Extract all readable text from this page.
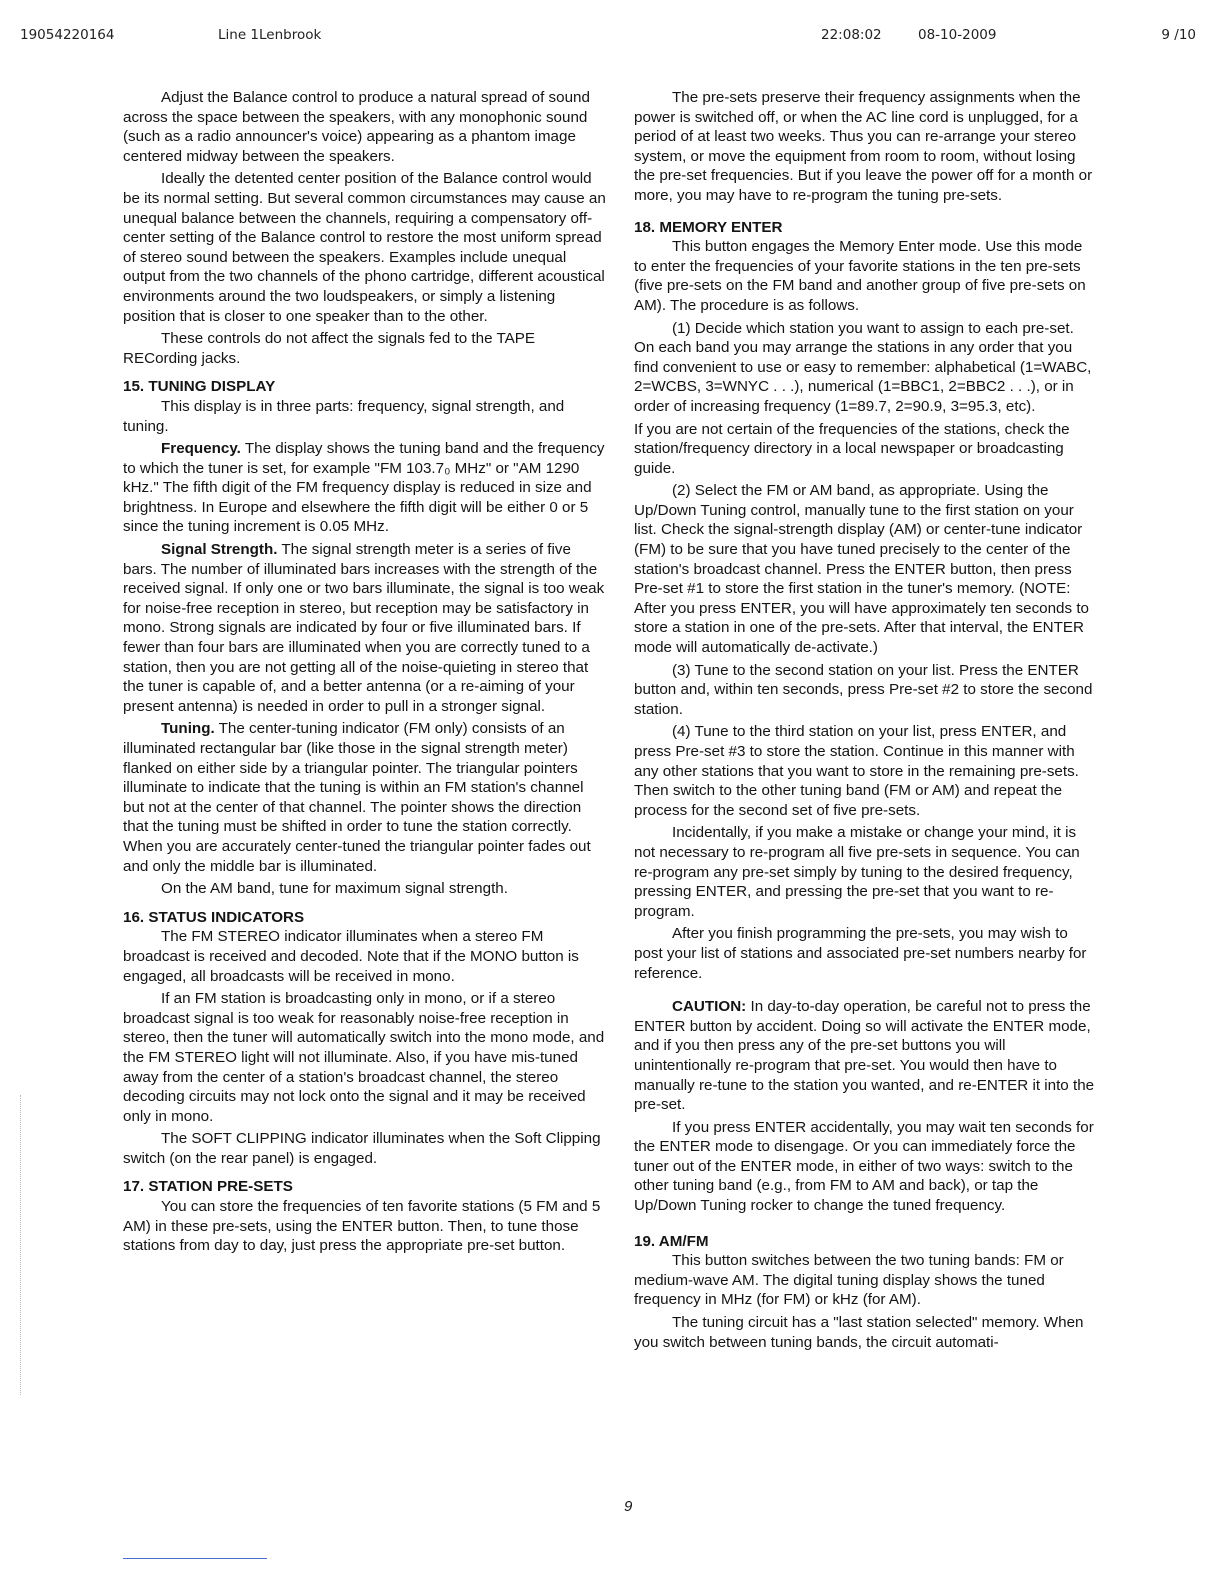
19054220164	Line 1Lenbrook	22:08:02	08-10-2009	9 /10

Adjust the Balance control to produce a natural spread of sound across the space between the speakers, with any monophonic sound (such as a radio announcer's voice) appearing as a phantom image centered midway between the speakers.

Ideally the detented center position of the Balance control would be its normal setting. But several common circumstances may cause an unequal balance between the channels, requiring a compensatory off-center setting of the Balance control to restore the most uniform spread of stereo sound between the speakers. Examples include unequal output from the two channels of the phono cartridge, different acoustical environments around the two loudspeakers, or simply a listening position that is closer to one speaker than to the other.

These controls do not affect the signals fed to the TAPE RECording jacks.

15. TUNING DISPLAY

This display is in three parts: frequency, signal strength, and tuning.

Frequency. The display shows the tuning band and the frequency to which the tuner is set, for example "FM 103.7₀ MHz" or "AM 1290 kHz." The fifth digit of the FM frequency display is reduced in size and brightness. In Europe and elsewhere the fifth digit will be either 0 or 5 since the tuning increment is 0.05 MHz.

Signal Strength. The signal strength meter is a series of five bars. The number of illuminated bars increases with the strength of the received signal. If only one or two bars illuminate, the signal is too weak for noise-free reception in stereo, but reception may be satisfactory in mono. Strong signals are indicated by four or five illuminated bars. If fewer than four bars are illuminated when you are correctly tuned to a station, then you are not getting all of the noise-quieting in stereo that the tuner is capable of, and a better antenna (or a re-aiming of your present antenna) is needed in order to pull in a stronger signal.

Tuning. The center-tuning indicator (FM only) consists of an illuminated rectangular bar (like those in the signal strength meter) flanked on either side by a triangular pointer. The triangular pointers illuminate to indicate that the tuning is within an FM station's channel but not at the center of that channel. The pointer shows the direction that the tuning must be shifted in order to tune the station correctly. When you are accurately center-tuned the triangular pointer fades out and only the middle bar is illuminated.

On the AM band, tune for maximum signal strength.

16. STATUS INDICATORS

The FM STEREO indicator illuminates when a stereo FM broadcast is received and decoded. Note that if the MONO button is engaged, all broadcasts will be received in mono.

If an FM station is broadcasting only in mono, or if a stereo broadcast signal is too weak for reasonably noise-free reception in stereo, then the tuner will automatically switch into the mono mode, and the FM STEREO light will not illuminate. Also, if you have mis-tuned away from the center of a station's broadcast channel, the stereo decoding circuits may not lock onto the signal and it may be received only in mono.

The SOFT CLIPPING indicator illuminates when the Soft Clipping switch (on the rear panel) is engaged.

17. STATION PRE-SETS

You can store the frequencies of ten favorite stations (5 FM and 5 AM) in these pre-sets, using the ENTER button. Then, to tune those stations from day to day, just press the appropriate pre-set button.

The pre-sets preserve their frequency assignments when the power is switched off, or when the AC line cord is unplugged, for a period of at least two weeks. Thus you can re-arrange your stereo system, or move the equipment from room to room, without losing the pre-set frequencies. But if you leave the power off for a month or more, you may have to re-program the tuning pre-sets.

18. MEMORY ENTER

This button engages the Memory Enter mode. Use this mode to enter the frequencies of your favorite stations in the ten pre-sets (five pre-sets on the FM band and another group of five pre-sets on AM). The procedure is as follows.

(1) Decide which station you want to assign to each pre-set. On each band you may arrange the stations in any order that you find convenient to use or easy to remember: alphabetical (1=WABC, 2=WCBS, 3=WNYC . . .), numerical (1=BBC1, 2=BBC2 . . .), or in order of increasing frequency (1=89.7, 2=90.9, 3=95.3, etc).

If you are not certain of the frequencies of the stations, check the station/frequency directory in a local newspaper or broadcasting guide.

(2) Select the FM or AM band, as appropriate. Using the Up/Down Tuning control, manually tune to the first station on your list. Check the signal-strength display (AM) or center-tune indicator (FM) to be sure that you have tuned precisely to the center of the station's broadcast channel. Press the ENTER button, then press Pre-set #1 to store the first station in the tuner's memory. (NOTE: After you press ENTER, you will have approximately ten seconds to store a station in one of the pre-sets. After that interval, the ENTER mode will automatically de-activate.)

(3) Tune to the second station on your list. Press the ENTER button and, within ten seconds, press Pre-set #2 to store the second station.

(4) Tune to the third station on your list, press ENTER, and press Pre-set #3 to store the station. Continue in this manner with any other stations that you want to store in the remaining pre-sets. Then switch to the other tuning band (FM or AM) and repeat the process for the second set of five pre-sets.

Incidentally, if you make a mistake or change your mind, it is not necessary to re-program all five pre-sets in sequence. You can re-program any pre-set simply by tuning to the desired frequency, pressing ENTER, and pressing the pre-set that you want to re-program.

After you finish programming the pre-sets, you may wish to post your list of stations and associated pre-set numbers nearby for reference.

CAUTION: In day-to-day operation, be careful not to press the ENTER button by accident. Doing so will activate the ENTER mode, and if you then press any of the pre-set buttons you will unintentionally re-program that pre-set. You would then have to manually re-tune to the station you wanted, and re-ENTER it into the pre-set.

If you press ENTER accidentally, you may wait ten seconds for the ENTER mode to disengage. Or you can immediately force the tuner out of the ENTER mode, in either of two ways: switch to the other tuning band (e.g., from FM to AM and back), or tap the Up/Down Tuning rocker to change the tuned frequency.

19. AM/FM

This button switches between the two tuning bands: FM or medium-wave AM. The digital tuning display shows the tuned frequency in MHz (for FM) or kHz (for AM).

The tuning circuit has a "last station selected" memory. When you switch between tuning bands, the circuit automati-

9
